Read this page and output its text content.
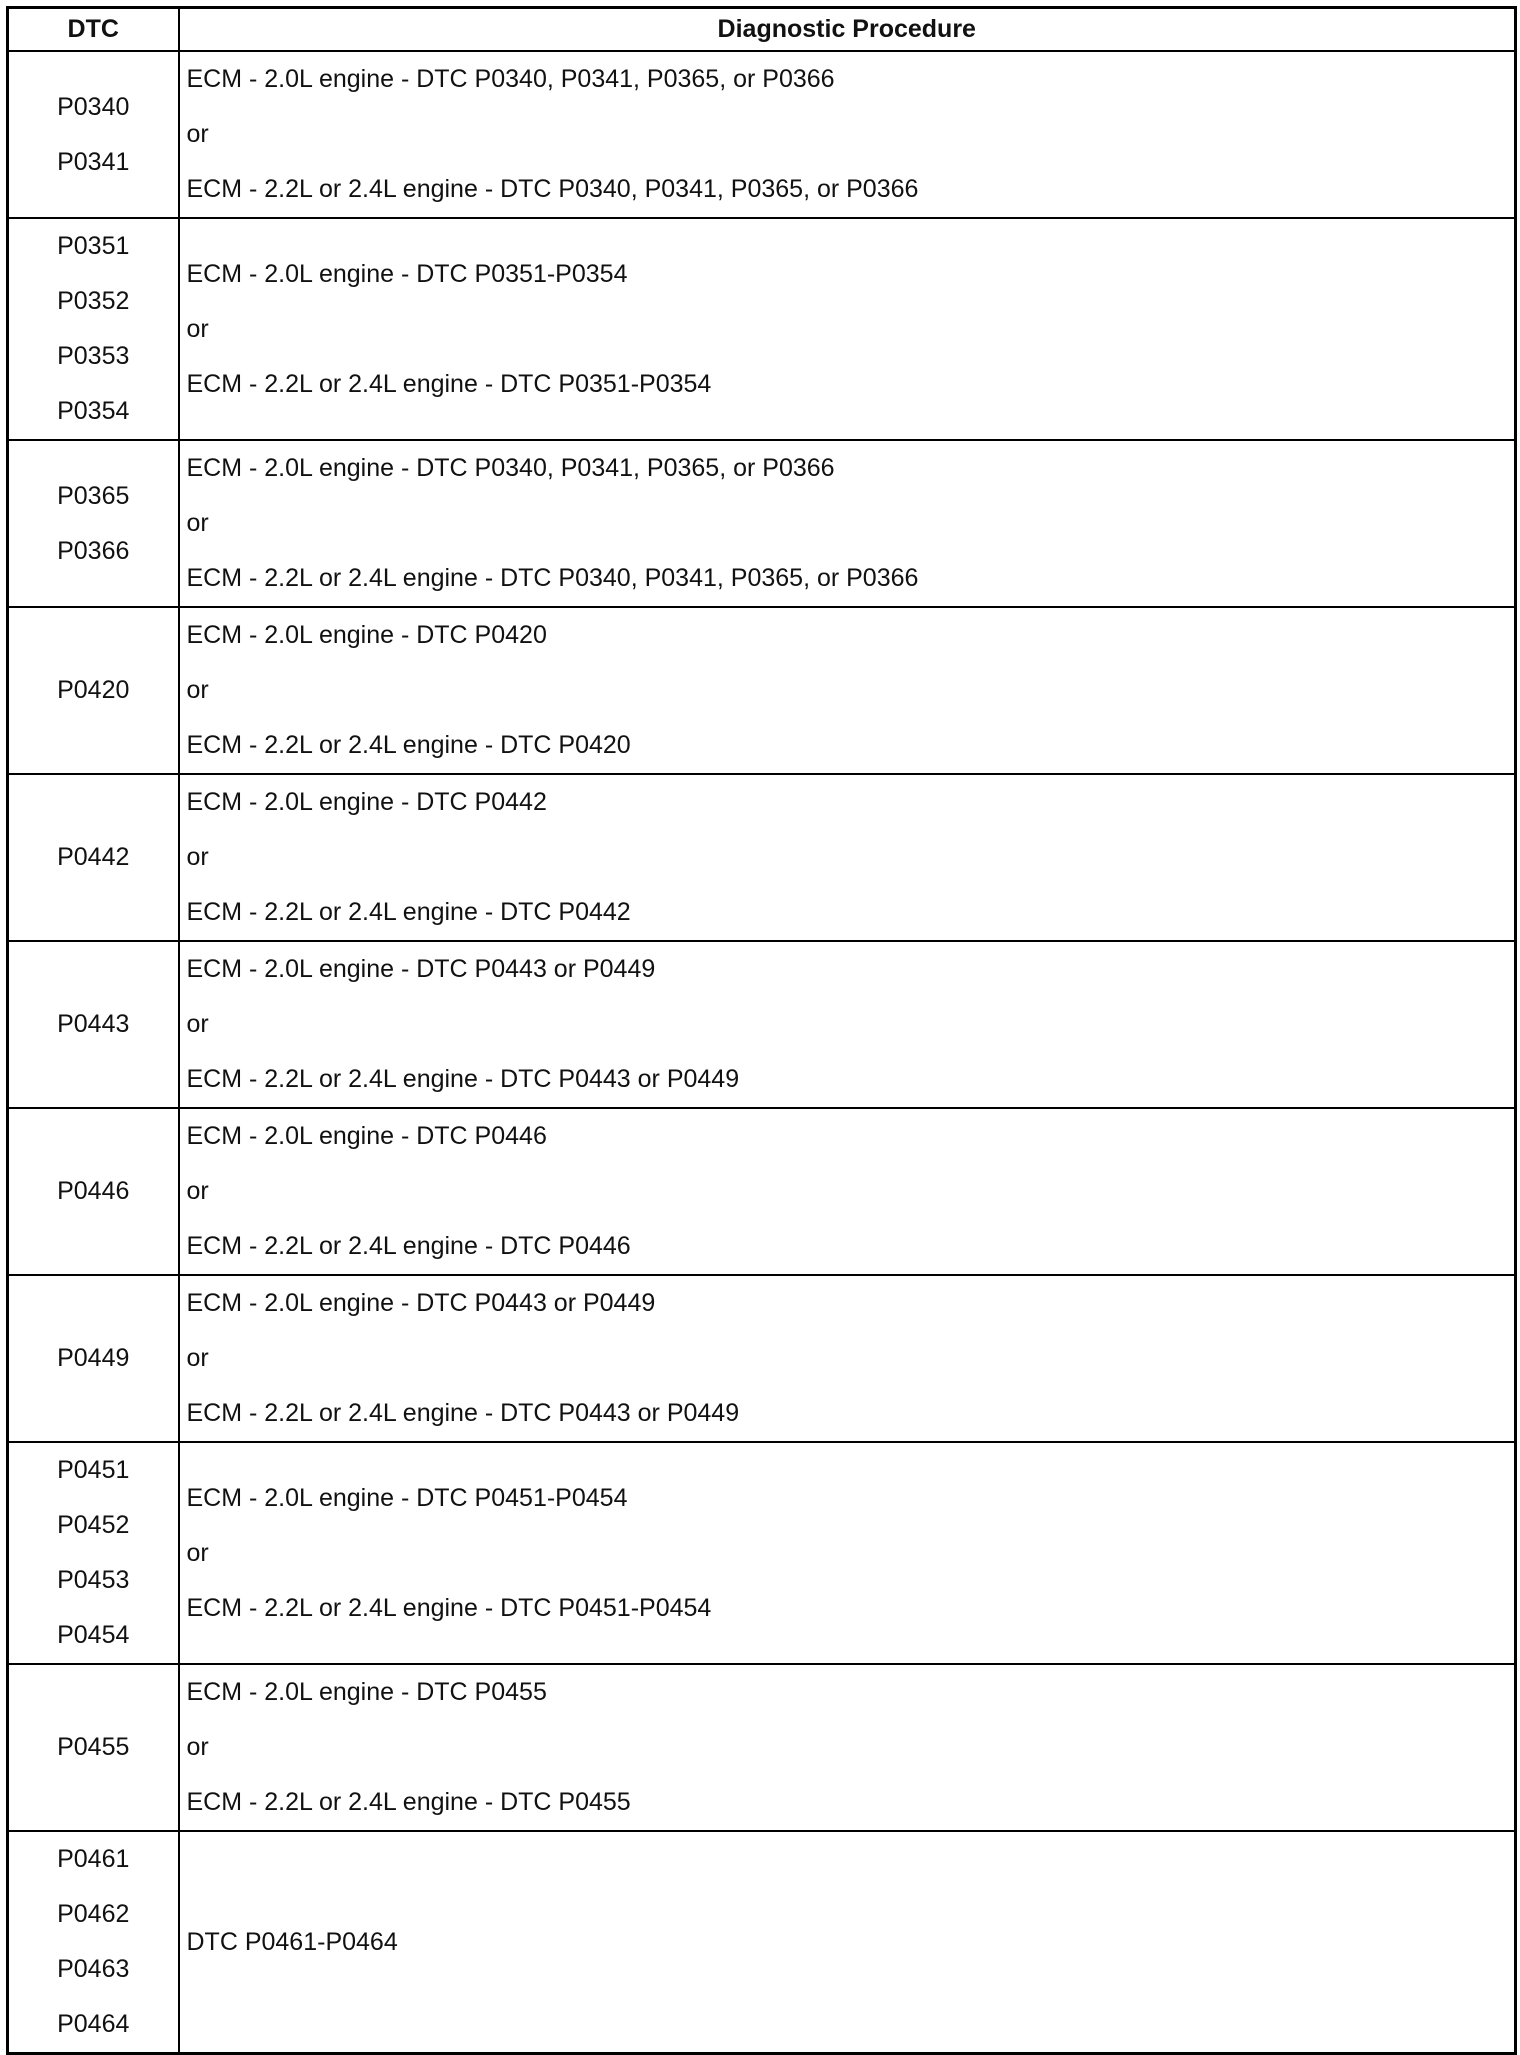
DTC	Diagnostic Procedure

P0340
P0341	ECM - 2.0L engine - DTC P0340, P0341, P0365, or P0366
or
ECM - 2.2L or 2.4L engine - DTC P0340, P0341, P0365, or P0366

P0351
P0352
P0353
P0354	ECM - 2.0L engine - DTC P0351-P0354
or
ECM - 2.2L or 2.4L engine - DTC P0351-P0354

P0365
P0366	ECM - 2.0L engine - DTC P0340, P0341, P0365, or P0366
or
ECM - 2.2L or 2.4L engine - DTC P0340, P0341, P0365, or P0366

P0420	ECM - 2.0L engine - DTC P0420
or
ECM - 2.2L or 2.4L engine - DTC P0420

P0442	ECM - 2.0L engine - DTC P0442
or
ECM - 2.2L or 2.4L engine - DTC P0442

P0443	ECM - 2.0L engine - DTC P0443 or P0449
or
ECM - 2.2L or 2.4L engine - DTC P0443 or P0449

P0446	ECM - 2.0L engine - DTC P0446
or
ECM - 2.2L or 2.4L engine - DTC P0446

P0449	ECM - 2.0L engine - DTC P0443 or P0449
or
ECM - 2.2L or 2.4L engine - DTC P0443 or P0449

P0451
P0452
P0453
P0454	ECM - 2.0L engine - DTC P0451-P0454
or
ECM - 2.2L or 2.4L engine - DTC P0451-P0454

P0455	ECM - 2.0L engine - DTC P0455
or
ECM - 2.2L or 2.4L engine - DTC P0455

P0461
P0462
P0463
P0464	DTC P0461-P0464
